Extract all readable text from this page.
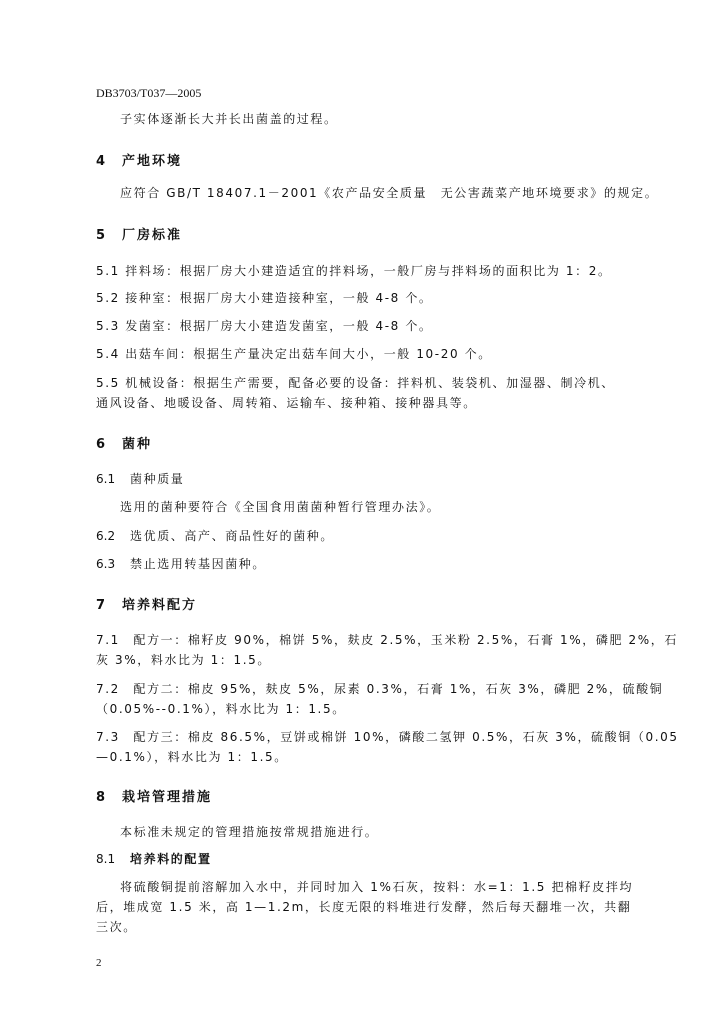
DB3703/T037—2005
子实体逐渐长大并长出菌盖的过程。
4 产地环境
应符合 GB/T 18407.1－2001《农产品安全质量　无公害蔬菜产地环境要求》的规定。
5 厂房标准
5.1 拌料场：根据厂房大小建造适宜的拌料场，一般厂房与拌料场的面积比为 1：2。
5.2 接种室：根据厂房大小建造接种室，一般 4-8 个。
5.3 发菌室：根据厂房大小建造发菌室，一般 4-8 个。
5.4 出菇车间：根据生产量决定出菇车间大小，一般 10-20 个。
5.5 机械设备：根据生产需要，配备必要的设备：拌料机、装袋机、加湿器、制冷机、
通风设备、地暖设备、周转箱、运输车、接种箱、接种器具等。
6 菌种
6.1 菌种质量
选用的菌种要符合《全国食用菌菌种暂行管理办法》。
6.2 选优质、高产、商品性好的菌种。
6.3 禁止选用转基因菌种。
7 培养料配方
7.1　配方一：棉籽皮 90%，棉饼 5%，麸皮 2.5%，玉米粉 2.5%，石膏 1%，磷肥 2%，石
灰 3%，料水比为 1：1.5。
7.2　配方二：棉皮 95%，麸皮 5%，尿素 0.3%，石膏 1%，石灰 3%，磷肥 2%，硫酸铜
（0.05%--0.1%），料水比为 1：1.5。
7.3　配方三：棉皮 86.5%，豆饼或棉饼 10%，磷酸二氢钾 0.5%，石灰 3%，硫酸铜（0.05
—0.1%），料水比为 1：1.5。
8 栽培管理措施
本标准未规定的管理措施按常规措施进行。
8.1 培养料的配置
将硫酸铜提前溶解加入水中，并同时加入 1%石灰，按料：水=1：1.5 把棉籽皮拌均
后，堆成宽 1.5 米，高 1—1.2m，长度无限的料堆进行发酵，然后每天翻堆一次，共翻
三次。
2
